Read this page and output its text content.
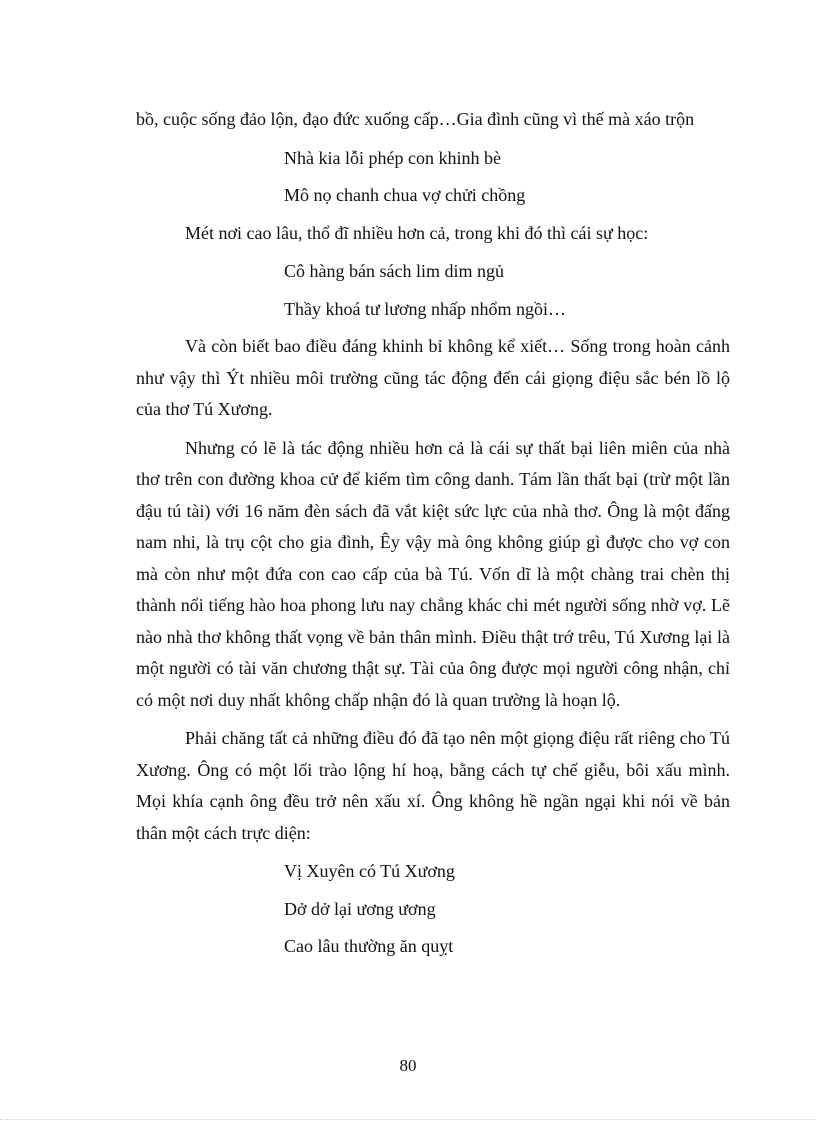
bồ, cuộc sống đảo lộn, đạo đức xuống cấp…Gia đình cũng vì thế mà xáo trộn

Nhà kia lỗi phép con khinh bè
Mô nọ chanh chua vợ chửi chồng

Mét nơi cao lâu, thổ đĩ nhiều hơn cả, trong khi đó thì cái sự học:

Cô hàng bán sách lim dim ngủ
Thầy khoá tư lương nhấp nhổm ngồi…

Và còn biết bao điều đáng khinh bỉ không kể xiết… Sống trong hoàn cảnh như vậy thì Ýt nhiều môi trường cũng tác động đến cái giọng điệu sắc bén lồ lộ của thơ Tú Xương.

Nhưng có lẽ là tác động nhiều hơn cả là cái sự thất bại liên miên của nhà thơ trên con đường khoa cử để kiếm tìm công danh. Tám lần thất bại (trừ một lần đậu tú tài) với 16 năm đèn sách đã vắt kiệt sức lực của nhà thơ. Ông là một đấng nam nhi, là trụ cột cho gia đình, Êy vậy mà ông không giúp gì được cho vợ con mà còn như một đứa con cao cấp của bà Tú. Vốn dĩ là một chàng trai chèn thị thành nổi tiếng hào hoa phong lưu nay chẳng khác chi mét người sống nhờ vợ. Lẽ nào nhà thơ không thất vọng về bản thân mình. Điều thật trớ trêu, Tú Xương lại là một người có tài văn chương thật sự. Tài của ông được mọi người công nhận, chỉ có một nơi duy nhất không chấp nhận đó là quan trường là hoạn lộ.

Phải chăng tất cả những điều đó đã tạo nên một giọng điệu rất riêng cho Tú Xương. Ông có một lối trào lộng hí hoạ, bằng cách tự chế giễu, bôi xấu mình. Mọi khía cạnh ông đều trở nên xấu xí. Ông không hề ngần ngại khi nói về bản thân một cách trực diện:

Vị Xuyên có Tú Xương
Dở dở lại ương ương
Cao lâu thường ăn quỵt
80
